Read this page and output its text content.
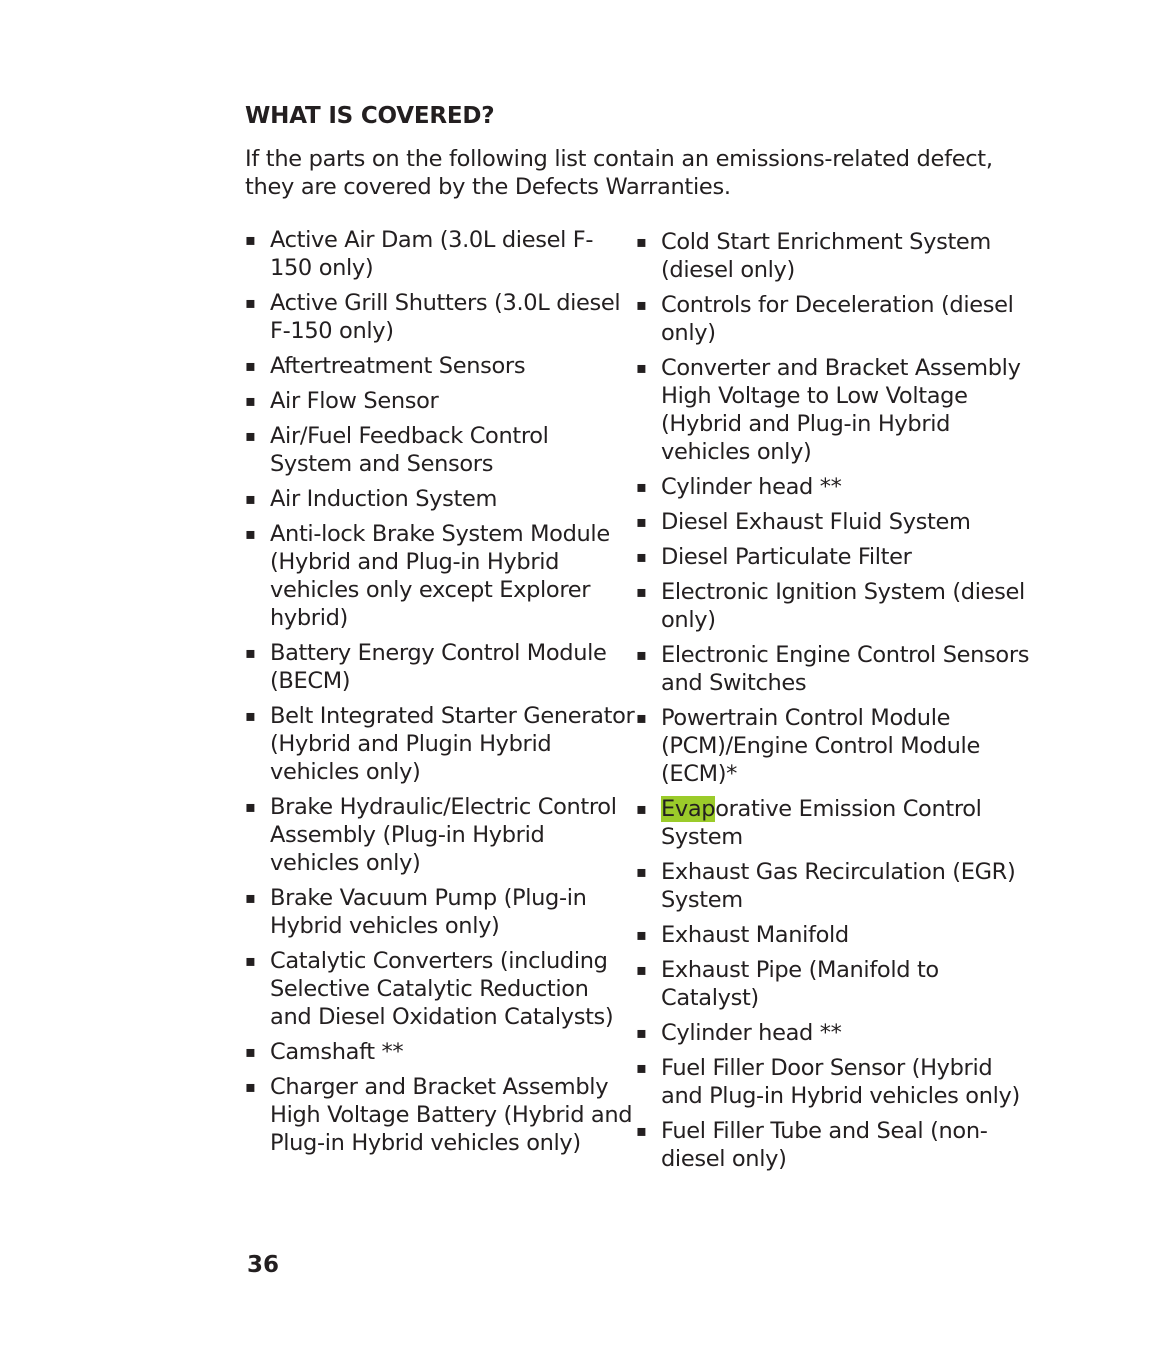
WHAT IS COVERED?
If the parts on the following list contain an emissions-related defect, they are covered by the Defects Warranties.
▪ Active Air Dam (3.0L diesel F-150 only)
▪ Active Grill Shutters (3.0L diesel F-150 only)
▪ Aftertreatment Sensors
▪ Air Flow Sensor
▪ Air/Fuel Feedback Control System and Sensors
▪ Air Induction System
▪ Anti-lock Brake System Module (Hybrid and Plug-in Hybrid vehicles only except Explorer hybrid)
▪ Battery Energy Control Module (BECM)
▪ Belt Integrated Starter Generator (Hybrid and Plugin Hybrid vehicles only)
▪ Brake Hydraulic/Electric Control Assembly (Plug-in Hybrid vehicles only)
▪ Brake Vacuum Pump (Plug-in Hybrid vehicles only)
▪ Catalytic Converters (including Selective Catalytic Reduction and Diesel Oxidation Catalysts)
▪ Camshaft **
▪ Charger and Bracket Assembly High Voltage Battery (Hybrid and Plug-in Hybrid vehicles only)
▪ Cold Start Enrichment System (diesel only)
▪ Controls for Deceleration (diesel only)
▪ Converter and Bracket Assembly High Voltage to Low Voltage (Hybrid and Plug-in Hybrid vehicles only)
▪ Cylinder head **
▪ Diesel Exhaust Fluid System
▪ Diesel Particulate Filter
▪ Electronic Ignition System (diesel only)
▪ Electronic Engine Control Sensors and Switches
▪ Powertrain Control Module (PCM)/Engine Control Module (ECM)*
▪ Evaporative Emission Control System
▪ Exhaust Gas Recirculation (EGR) System
▪ Exhaust Manifold
▪ Exhaust Pipe (Manifold to Catalyst)
▪ Cylinder head **
▪ Fuel Filler Door Sensor (Hybrid and Plug-in Hybrid vehicles only)
▪ Fuel Filler Tube and Seal (non-diesel only)
36
